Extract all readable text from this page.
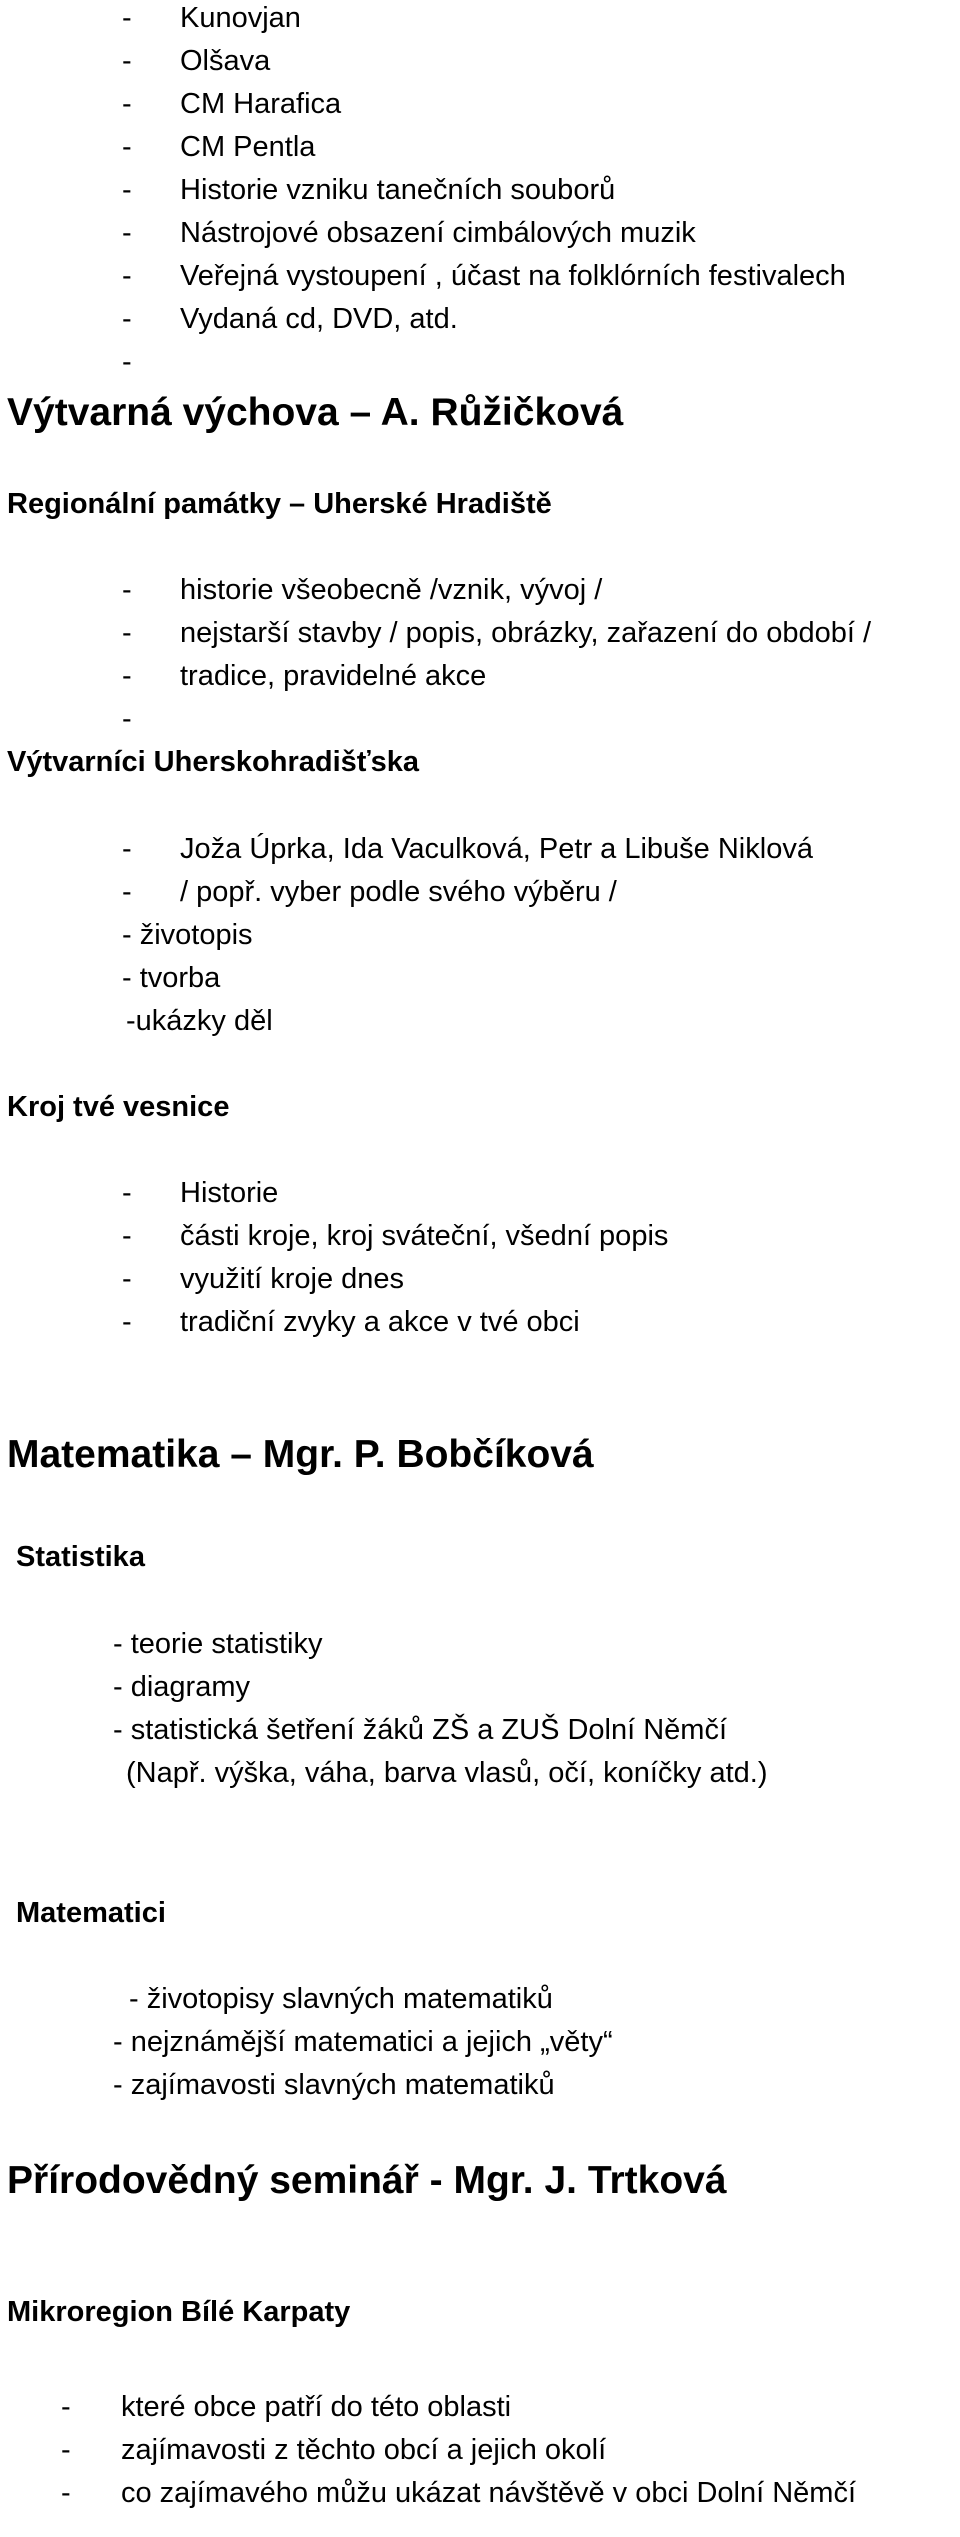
- Kunovjan
- Olšava
- CM Harafica
- CM Pentla
- Historie vzniku tanečních souborů
- Nástrojové obsazení cimbálových muzik
- Veřejná vystoupení , účast na folklórních festivalech
- Vydaná cd, DVD, atd.
-
Výtvarná výchova – A. Růžičková
Regionální památky – Uherské Hradiště
- historie všeobecně /vznik, vývoj /
- nejstarší stavby / popis, obrázky, zařazení do období /
- tradice, pravidelné akce
-
Výtvarníci Uherskohradišťska
- Joža Úprka, Ida Vaculková, Petr a Libuše Niklová
- / popř. vyber podle svého výběru /
- životopis
- tvorba
-ukázky děl
Kroj tvé vesnice
- Historie
- části kroje, kroj sváteční, všední popis
- využití kroje dnes
- tradiční zvyky a akce v tvé obci
Matematika – Mgr. P. Bobčíková
Statistika
- teorie statistiky
- diagramy
- statistická šetření žáků ZŠ a ZUŠ Dolní Němčí
(Např. výška, váha, barva vlasů, očí, koníčky atd.)
Matematici
- životopisy slavných matematiků
- nejznámější matematici a jejich „věty“
- zajímavosti slavných matematiků
Přírodovědný seminář - Mgr. J. Trtková
Mikroregion Bílé Karpaty
- které obce patří do této oblasti
- zajímavosti z těchto obcí a jejich okolí
- co zajímavého můžu ukázat návštěvě v obci Dolní Němčí
